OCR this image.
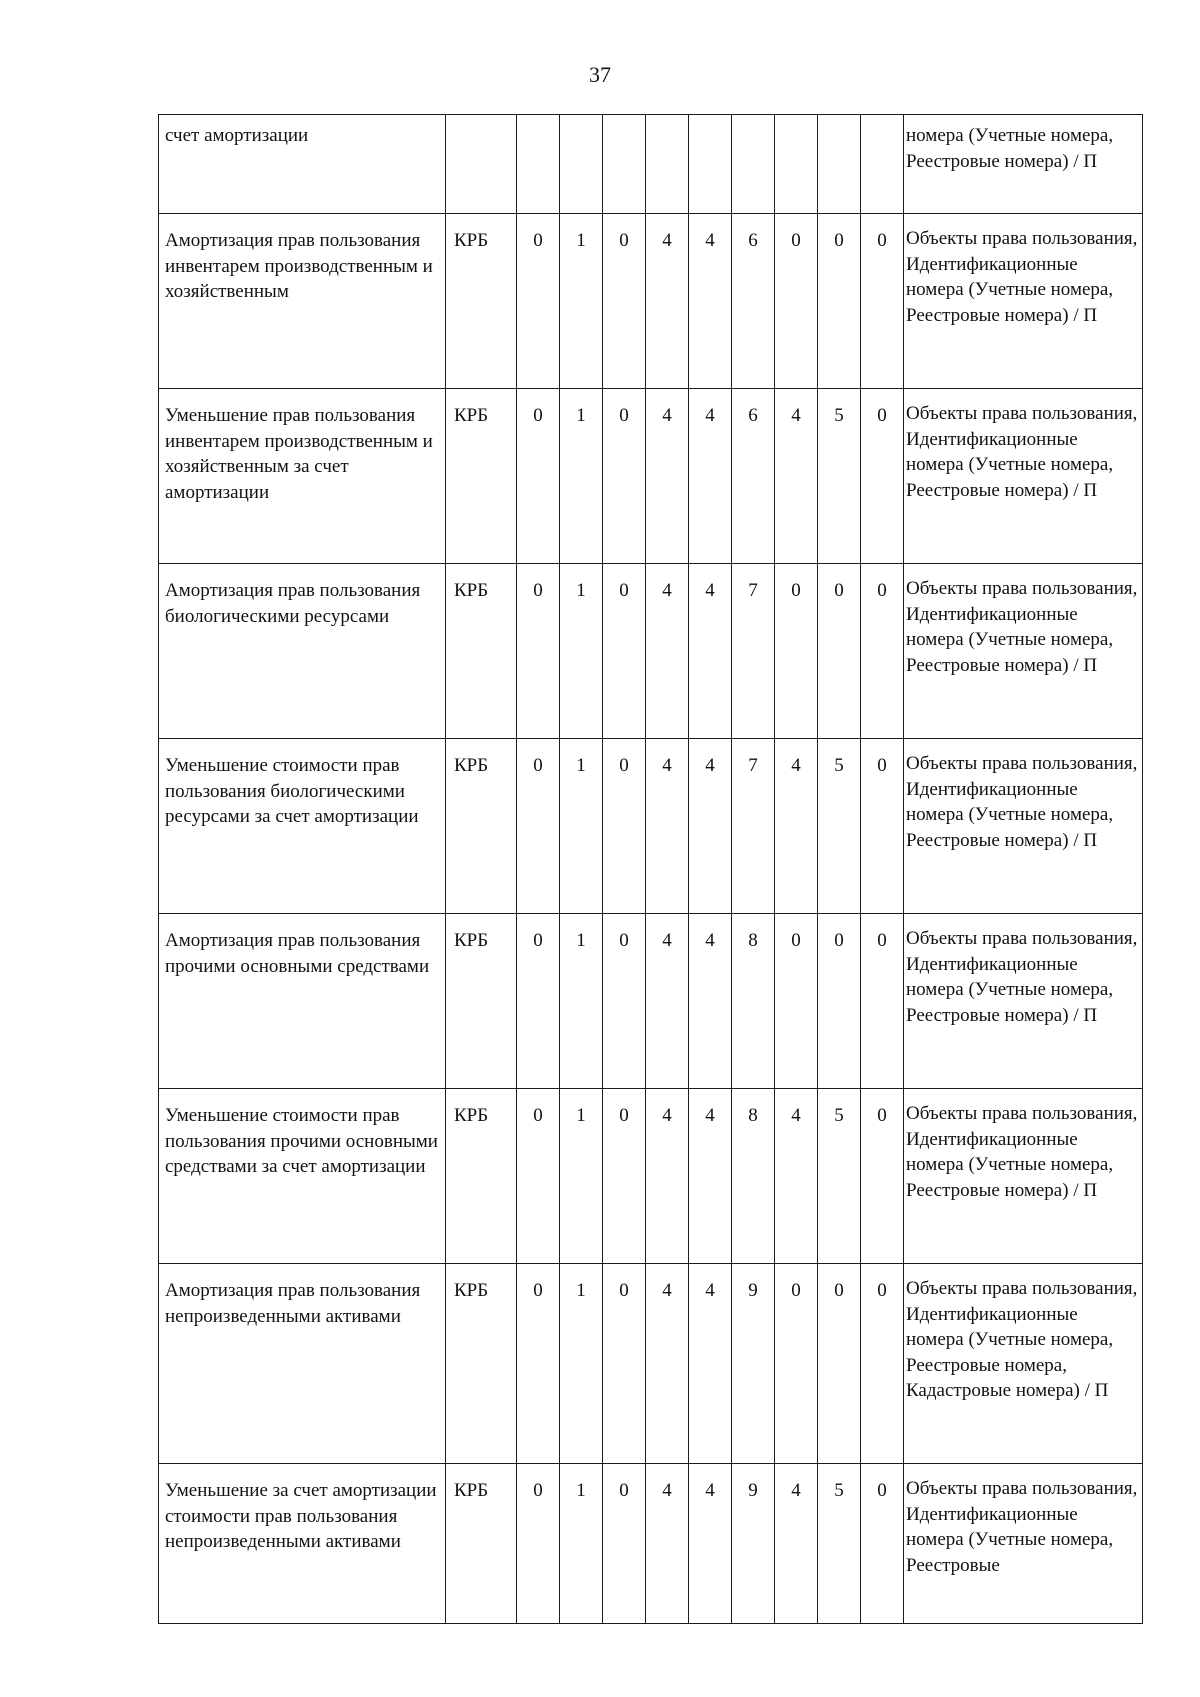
37
счет амортизации											номера (Учетные номера, Реестровые номера) / П
Амортизация прав пользования инвентарем производственным и хозяйственным	КРБ	0	1	0	4	4	6	0	0	0	Объекты права пользования, Идентификационные номера (Учетные номера, Реестровые номера) / П
Уменьшение прав пользования инвентарем производственным и хозяйственным за счет амортизации	КРБ	0	1	0	4	4	6	4	5	0	Объекты права пользования, Идентификационные номера (Учетные номера, Реестровые номера) / П
Амортизация прав пользования биологическими ресурсами	КРБ	0	1	0	4	4	7	0	0	0	Объекты права пользования, Идентификационные номера (Учетные номера, Реестровые номера) / П
Уменьшение стоимости прав пользования биологическими ресурсами за счет амортизации	КРБ	0	1	0	4	4	7	4	5	0	Объекты права пользования, Идентификационные номера (Учетные номера, Реестровые номера) / П
Амортизация прав пользования прочими основными средствами	КРБ	0	1	0	4	4	8	0	0	0	Объекты права пользования, Идентификационные номера (Учетные номера, Реестровые номера) / П
Уменьшение стоимости прав пользования прочими основными средствами за счет амортизации	КРБ	0	1	0	4	4	8	4	5	0	Объекты права пользования, Идентификационные номера (Учетные номера, Реестровые номера) / П
Амортизация прав пользования непроизведенными активами	КРБ	0	1	0	4	4	9	0	0	0	Объекты права пользования, Идентификационные номера (Учетные номера, Реестровые номера, Кадастровые номера) / П
Уменьшение за счет амортизации стоимости прав пользования непроизведенными активами	КРБ	0	1	0	4	4	9	4	5	0	Объекты права пользования, Идентификационные номера (Учетные номера, Реестровые
